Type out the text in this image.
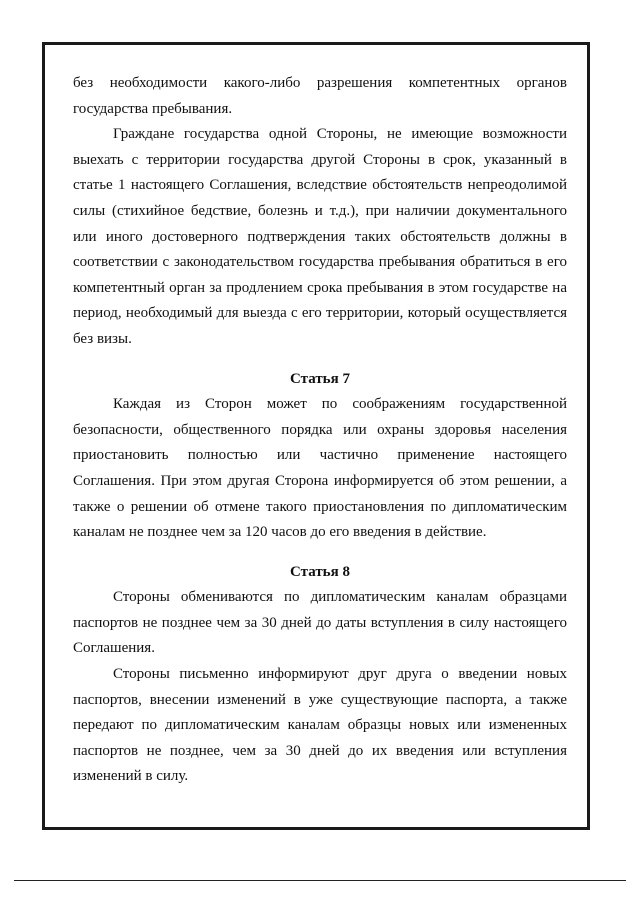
без необходимости какого-либо разрешения компетентных органов государства пребывания.

Граждане государства одной Стороны, не имеющие возможности выехать с территории государства другой Стороны в срок, указанный в статье 1 настоящего Соглашения, вследствие обстоятельств непреодолимой силы (стихийное бедствие, болезнь и т.д.), при наличии документального или иного достоверного подтверждения таких обстоятельств должны в соответствии с законодательством государства пребывания обратиться в его компетентный орган за продлением срока пребывания в этом государстве на период, необходимый для выезда с его территории, который осуществляется без визы.

Статья 7

Каждая из Сторон может по соображениям государственной безопасности, общественного порядка или охраны здоровья населения приостановить полностью или частично применение настоящего Соглашения. При этом другая Сторона информируется об этом решении, а также о решении об отмене такого приостановления по дипломатическим каналам не позднее чем за 120 часов до его введения в действие.

Статья 8

Стороны обмениваются по дипломатическим каналам образцами паспортов не позднее чем за 30 дней до даты вступления в силу настоящего Соглашения.

Стороны письменно информируют друг друга о введении новых паспортов, внесении изменений в уже существующие паспорта, а также передают по дипломатическим каналам образцы новых или измененных паспортов не позднее, чем за 30 дней до их введения или вступления изменений в силу.
